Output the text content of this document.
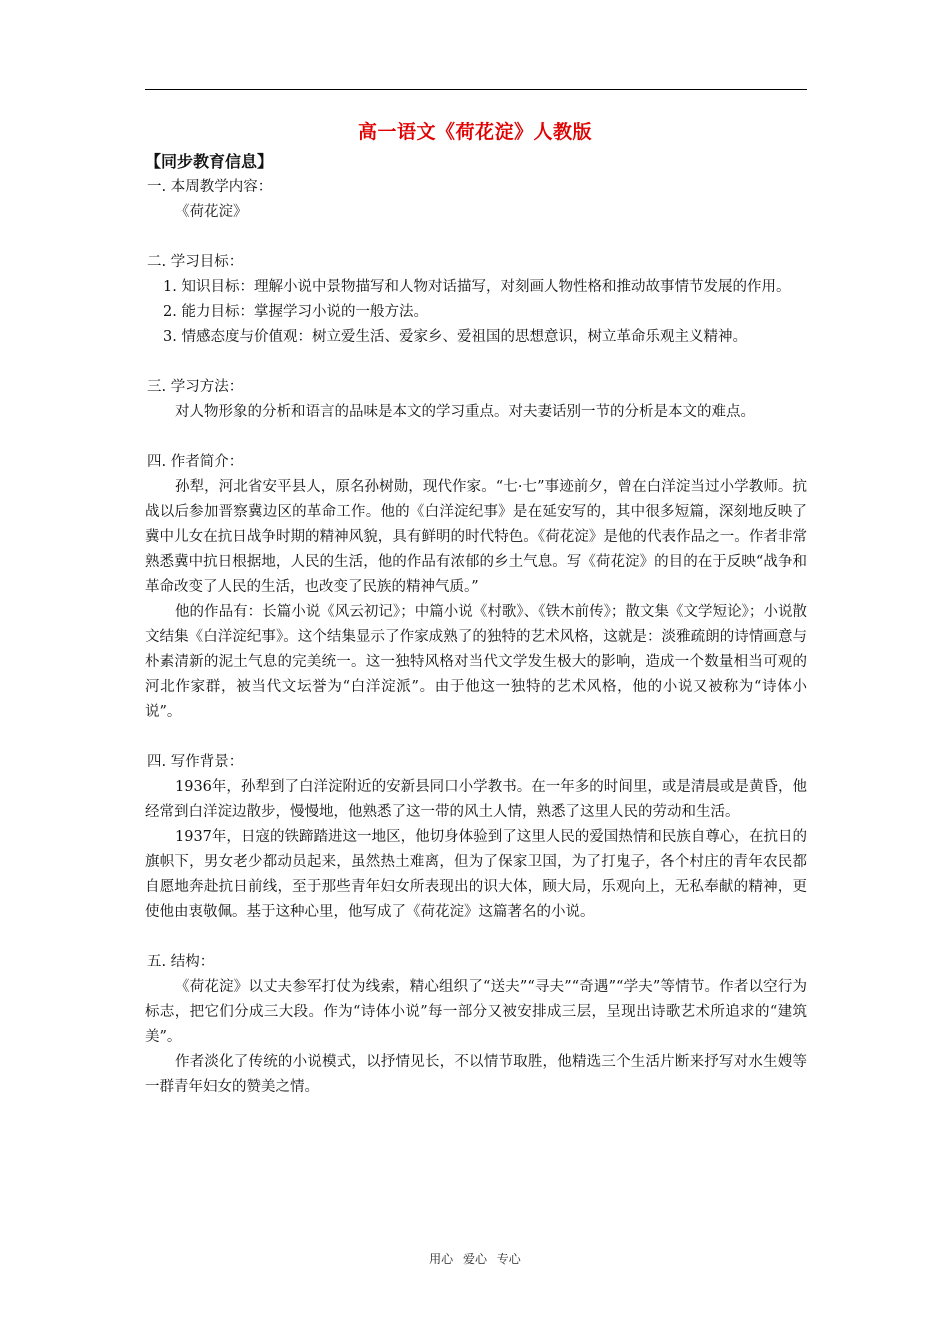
高一语文《荷花淀》人教版
【同步教育信息】

一. 本周教学内容：

《荷花淀》

二. 学习目标：

1. 知识目标：理解小说中景物描写和人物对话描写，对刻画人物性格和推动故事情节发展的作用。

2. 能力目标：掌握学习小说的一般方法。

3. 情感态度与价值观：树立爱生活、爱家乡、爱祖国的思想意识，树立革命乐观主义精神。

三. 学习方法：

对人物形象的分析和语言的品味是本文的学习重点。对夫妻话别一节的分析是本文的难点。

四. 作者简介：

孙犁，河北省安平县人，原名孙树勋，现代作家。“七·七”事迹前夕，曾在白洋淀当过小学教师。抗战以后参加晋察冀边区的革命工作。他的《白洋淀纪事》是在延安写的，其中很多短篇，深刻地反映了冀中儿女在抗日战争时期的精神风貌，具有鲜明的时代特色。《荷花淀》是他的代表作品之一。作者非常熟悉冀中抗日根据地，人民的生活，他的作品有浓郁的乡土气息。写《荷花淀》的目的在于反映“战争和革命改变了人民的生活，也改变了民族的精神气质。”

他的作品有：长篇小说《风云初记》；中篇小说《村歌》、《铁木前传》；散文集《文学短论》；小说散文结集《白洋淀纪事》。这个结集显示了作家成熟了的独特的艺术风格，这就是：淡雅疏朗的诗情画意与朴素清新的泥土气息的完美统一。这一独特风格对当代文学发生极大的影响，造成一个数量相当可观的河北作家群，被当代文坛誉为“白洋淀派”。由于他这一独特的艺术风格，他的小说又被称为“诗体小说”。

四. 写作背景：

1936年，孙犁到了白洋淀附近的安新县同口小学教书。在一年多的时间里，或是清晨或是黄昏，他经常到白洋淀边散步，慢慢地，他熟悉了这一带的风土人情，熟悉了这里人民的劳动和生活。

1937年，日寇的铁蹄踏进这一地区，他切身体验到了这里人民的爱国热情和民族自尊心，在抗日的旗帜下，男女老少都动员起来，虽然热土难离，但为了保家卫国，为了打鬼子，各个村庄的青年农民都自愿地奔赴抗日前线，至于那些青年妇女所表现出的识大体，顾大局，乐观向上，无私奉献的精神，更使他由衷敬佩。基于这种心里，他写成了《荷花淀》这篇著名的小说。

五. 结构：

《荷花淀》以丈夫参军打仗为线索，精心组织了“送夫”“寻夫”“奇遇”“学夫”等情节。作者以空行为标志，把它们分成三大段。作为“诗体小说”每一部分又被安排成三层，呈现出诗歌艺术所追求的“建筑美”。

作者淡化了传统的小说模式，以抒情见长，不以情节取胜，他精选三个生活片断来抒写对水生嫂等一群青年妇女的赞美之情。

用心 爱心 专心
